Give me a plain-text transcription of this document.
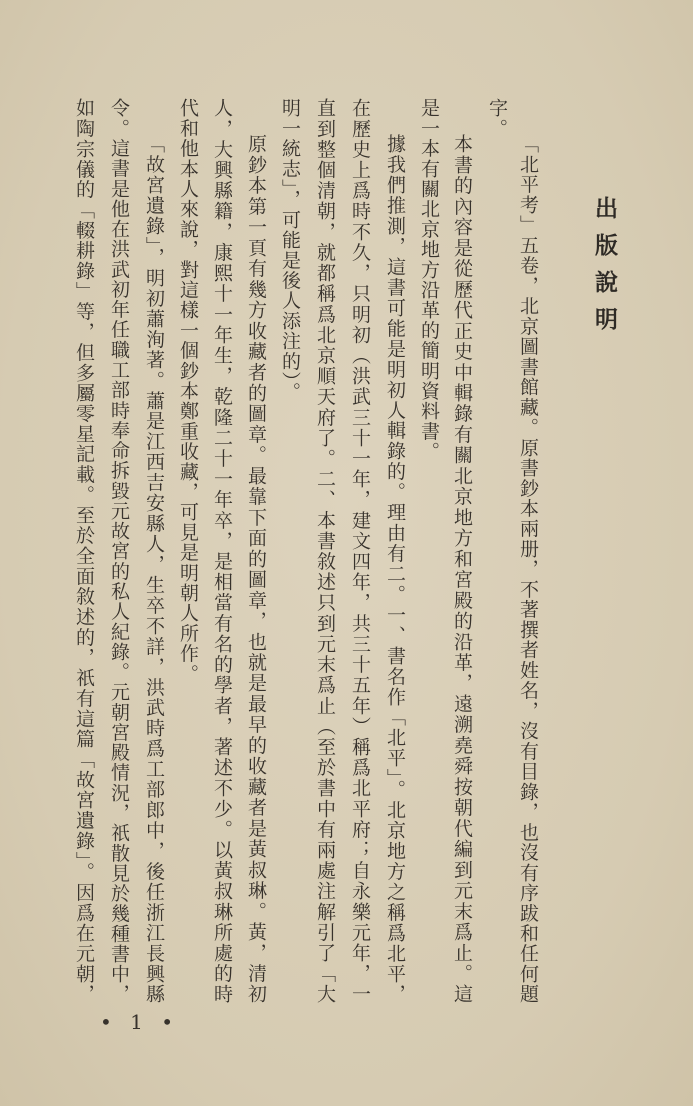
出版說明
「北平考」五卷，北京圖書館藏。原書鈔本兩册，不著撰者姓名，沒有目錄，也沒有序跋和任何題
字。
本書的內容是從歷代正史中輯錄有關北京地方和宮殿的沿革，遠溯堯舜按朝代編到元末爲止。這
是一本有關北京地方沿革的簡明資料書。
據我們推測，這書可能是明初人輯錄的。理由有二。一、書名作「北平」。北京地方之稱爲北平，
在歷史上爲時不久，只明初（洪武三十一年，建文四年，共三十五年）稱爲北平府；自永樂元年，一
直到整個清朝，就都稱爲北京順天府了。二、本書敘述只到元末爲止（至於書中有兩處注解引了「大
明一統志」，可能是後人添注的）。
原鈔本第一頁有幾方收藏者的圖章。最靠下面的圖章，也就是最早的收藏者是黃叔琳。黃，清初
人，大興縣籍，康熙十一年生，乾隆二十一年卒，是相當有名的學者，著述不少。以黃叔琳所處的時
代和他本人來說，對這樣一個鈔本鄭重收藏，可見是明朝人所作。
「故宮遺錄」，明初蕭洵著。蕭是江西吉安縣人，生卒不詳，洪武時爲工部郎中，後任浙江長興縣
令。這書是他在洪武初年任職工部時奉命拆毀元故宮的私人紀錄。元朝宮殿情況，祇散見於幾種書中，
如陶宗儀的「輟耕錄」等，但多屬零星記載。至於全面敘述的，祇有這篇「故宮遺錄」。因爲在元朝，
• 1 •
